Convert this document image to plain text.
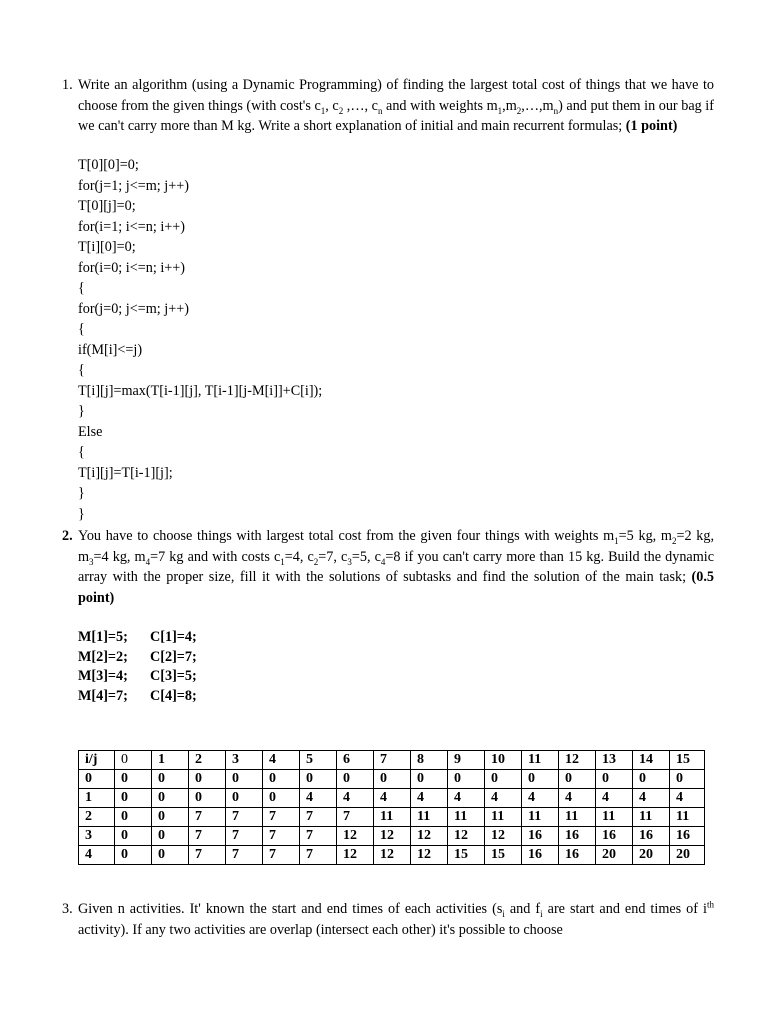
1. Write an algorithm (using a Dynamic Programming) of finding the largest total cost of things that we have to choose from the given things (with cost's $c_1$, $c_2$ ,…, $c_n$ and with weights $m_1,m_2,\dots,m_n$) and put them in our bag if we can't carry more than M kg. Write a short explanation of initial and main recurrent formulas; (1 point)
T[0][0]=0;
for(j=1; j<=m; j++)
T[0][j]=0;
for(i=1; i<=n; i++)
T[i][0]=0;
for(i=0; i<=n; i++)
{
for(j=0; j<=m; j++)
{
if(M[i]<=j)
{
T[i][j]=max(T[i-1][j], T[i-1][j-M[i]]+C[i]);
}
Else
{
T[i][j]=T[i-1][j];
}
}
2. You have to choose things with largest total cost from the given four things with weights $m_1=5$ kg, $m_2=2$ kg, $m_3=4$ kg, $m_4=7$ kg and with costs $c_1=4$, $c_2=7$, $c_3=5$, $c_4=8$ if you can't carry more than 15 kg. Build the dynamic array with the proper size, fill it with the solutions of subtasks and find the solution of the main task; (0.5 point)
M[1]=5;	C[1]=4;
M[2]=2;	C[2]=7;
M[3]=4;	C[3]=5;
M[4]=7;	C[4]=8;
i/j	0	1	2	3	4	5	6	7	8	9	10	11	12	13	14	15
0	0	0	0	0	0	0	0	0	0	0	0	0	0	0	0	0
1	0	0	0	0	0	4	4	4	4	4	4	4	4	4	4	4
2	0	0	7	7	7	7	7	11	11	11	11	11	11	11	11	11
3	0	0	7	7	7	7	12	12	12	12	12	16	16	16	16	16
4	0	0	7	7	7	7	12	12	12	15	15	16	16	20	20	20
3. Given n activities. It' known the start and end times of each activities ($s_i$ and $f_i$ are start and end times of $i^{th}$ activity). If any two activities are overlap (intersect each other) it's possible to choose
